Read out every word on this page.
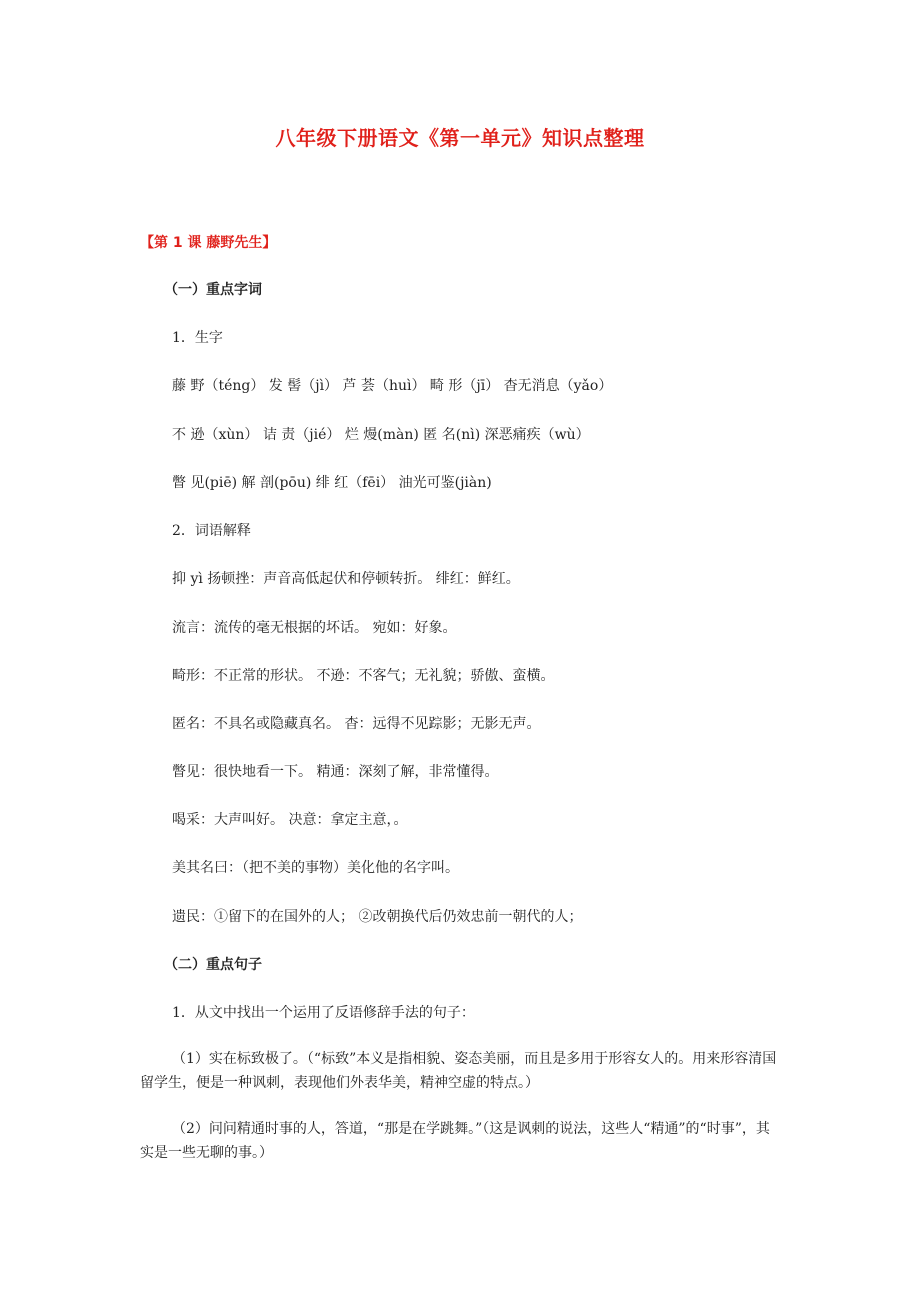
八年级下册语文《第一单元》知识点整理
【第 1 课 藤野先生】
（一）重点字词
1．生字
藤 野（téng） 发 髻（jì） 芦 荟（huì） 畸 形（jī） 杳无消息（yǎo）
不 逊（xùn） 诘 责（jié） 烂 熳(màn) 匿 名(nì) 深恶痛疾（wù）
瞥 见(piē) 解 剖(pōu) 绯 红（fēi） 油光可鉴(jiàn)
2．词语解释
抑 yì 扬顿挫：声音高低起伏和停顿转折。 绯红：鲜红。
流言：流传的毫无根据的坏话。 宛如：好象。
畸形：不正常的形状。 不逊：不客气；无礼貌；骄傲、蛮横。
匿名：不具名或隐藏真名。 杳：远得不见踪影；无影无声。
瞥见：很快地看一下。 精通：深刻了解，非常懂得。
喝采：大声叫好。 决意：拿定主意，。
美其名曰：（把不美的事物）美化他的名字叫。
遗民：①留下的在国外的人； ②改朝换代后仍效忠前一朝代的人；
（二）重点句子
1．从文中找出一个运用了反语修辞手法的句子：
（1）实在标致极了。（“标致”本义是指相貌、姿态美丽，而且是多用于形容女人的。用来形容清国留学生，便是一种讽刺，表现他们外表华美，精神空虚的特点。）
（2）问问精通时事的人，答道，“那是在学跳舞。”（这是讽刺的说法，这些人“精通”的“时事”，其实是一些无聊的事。）
